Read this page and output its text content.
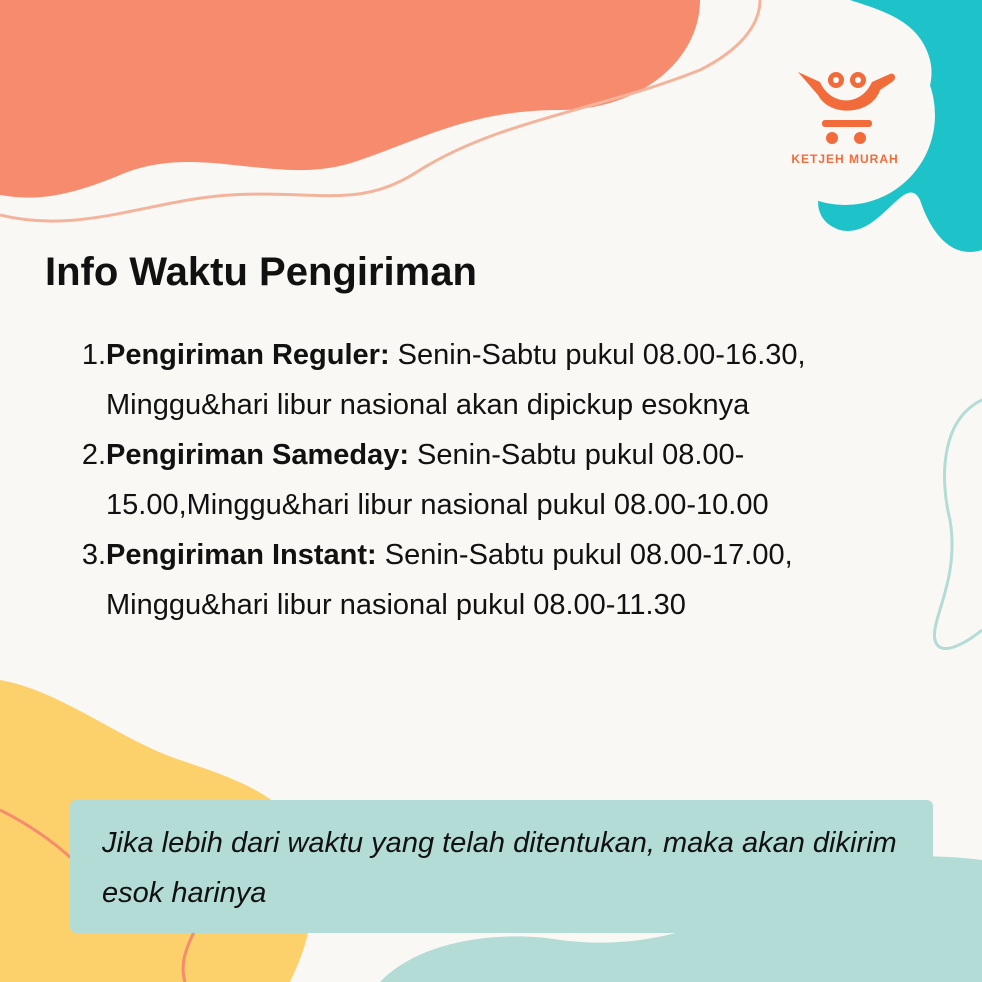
KETJEH MURAH
Info Waktu Pengiriman
1. Pengiriman Reguler: Senin-Sabtu pukul 08.00-16.30, Minggu&hari libur nasional akan dipickup esoknya
2. Pengiriman Sameday: Senin-Sabtu pukul 08.00-15.00,Minggu&hari libur nasional pukul 08.00-10.00
3. Pengiriman Instant: Senin-Sabtu pukul 08.00-17.00, Minggu&hari libur nasional pukul 08.00-11.30
Jika lebih dari waktu yang telah ditentukan, maka akan dikirim esok harinya
